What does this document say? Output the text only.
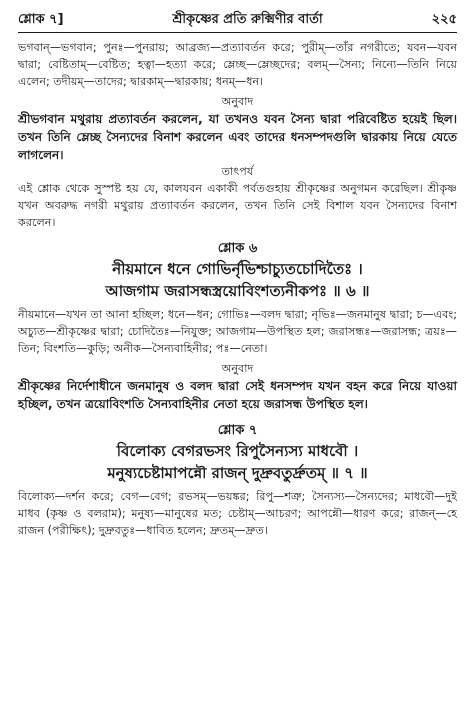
শ্লোক ৭]	শ্রীকৃষ্ণের প্রতি রুক্মিণীর বার্তা	২২৫

ভগবান্—ভগবান; পুনঃ—পুনরায়; আব্রজ্য—প্রত্যাবর্তন করে; পুরীম্—তাঁর নগরীতে; যবন—যবন দ্বারা; বেষ্টিতাম্—বেষ্টিত; হত্বা—হত্যা করে; ম্লেচ্ছ—ম্লেচ্ছদের; বলম্—সৈন্য; নিন্যে—তিনি নিয়ে এলেন; তদীয়ম্—তাদের; দ্বারকাম্—দ্বারকায়; ধনম্—ধন।

অনুবাদ

শ্রীভগবান মথুরায় প্রত্যাবর্তন করলেন, যা তখনও যবন সৈন্য দ্বারা পরিবেষ্টিত হয়েই ছিল। তখন তিনি ম্লেচ্ছ সৈন্যদের বিনাশ করলেন এবং তাদের ধনসম্পদগুলি দ্বারকায় নিয়ে যেতে লাগলেন।

তাৎপর্য

এই শ্লোক থেকে সুস্পষ্ট হয় যে, কালযবন একাকী পর্বতগুহায় শ্রীকৃষ্ণের অনুগমন করেছিল। শ্রীকৃষ্ণ যখন অবরুদ্ধ নগরী মথুরায় প্রত্যাবর্তন করলেন, তখন তিনি সেই বিশাল যবন সৈন্যদের বিনাশ করলেন।

শ্লোক ৬

নীয়মানে ধনে গোভির্নৃভিশ্চাচ্যুতচোদিতৈঃ ।

আজগাম জরাসন্ধস্ত্রয়োবিংশত্যনীকপঃ ॥ ৬ ॥

নীয়মানে—যখন তা আনা হচ্ছিল; ধনে—ধন; গোভিঃ—বলদ দ্বারা; নৃভিঃ—জনমানুষ দ্বারা; চ—এবং; অচ্যুত—শ্রীকৃষ্ণের দ্বারা; চোদিতৈঃ—নিযুক্ত; আজগাম—উপস্থিত হল; জরাসন্ধঃ—জরাসন্ধ; ত্রয়ঃ—তিন; বিংশতি—কুড়ি; অনীক—সৈন্যবাহিনীর; পঃ—নেতা।

অনুবাদ

শ্রীকৃষ্ণের নির্দেশাধীনে জনমানুষ ও বলদ দ্বারা সেই ধনসম্পদ যখন বহন করে নিয়ে যাওয়া হচ্ছিল, তখন ত্রয়োবিংশতি সৈন্যবাহিনীর নেতা হয়ে জরাসন্ধ উপস্থিত হল।

শ্লোক ৭

বিলোক্য বেগরভসং রিপুসৈন্যস্য মাধবৌ ।

মনুষ্যচেষ্টামাপন্নৌ রাজন্ দুদ্রুবতুর্দ্রুতম্ ॥ ৭ ॥

বিলোক্য—দর্শন করে; বেগ—বেগ; রভসম্—ভয়ঙ্কর; রিপু—শত্রু; সৈন্যস্য—সৈন্যদের; মাধবৌ—দুই মাধব (কৃষ্ণ ও বলরাম); মনুষ্য—মানুষের মত; চেষ্টাম্—আচরণ; আপন্নৌ—ধারণ করে; রাজন্—হে রাজন (পরীক্ষিৎ); দুদ্রুবতুঃ—ধাবিত হলেন; দ্রুতম্—দ্রুত।
